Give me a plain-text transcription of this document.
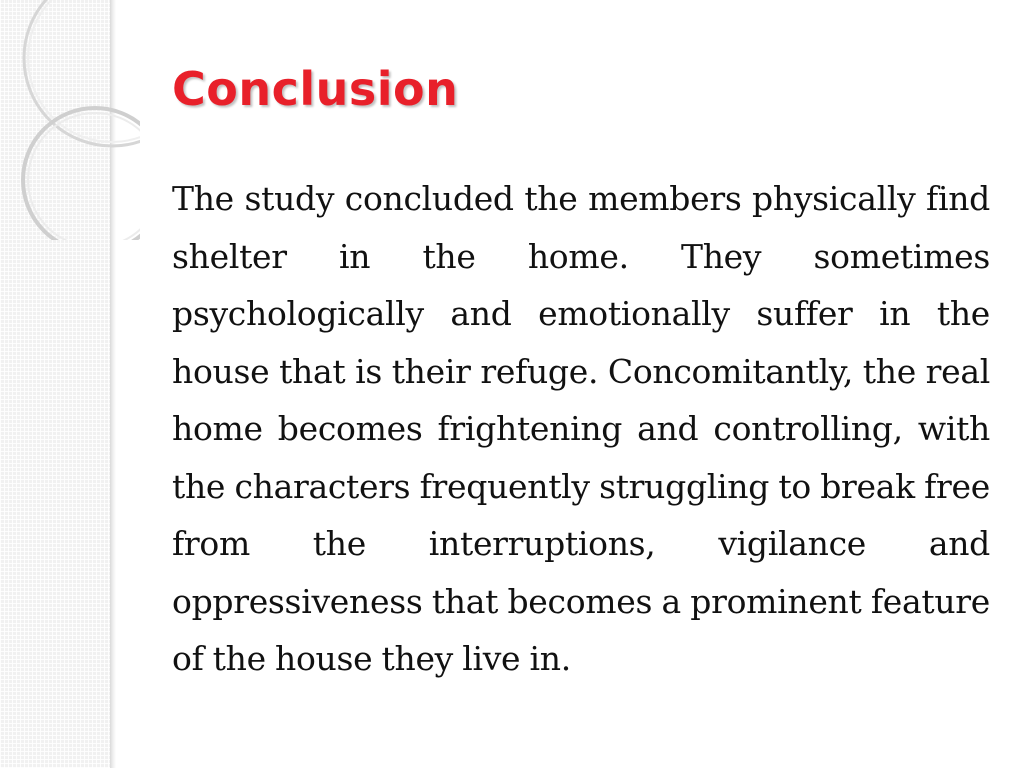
Conclusion

The study concluded the members physically find shelter in the home. They sometimes psychologically and emotionally suffer in the house that is their refuge. Concomitantly, the real home becomes frightening and controlling, with the characters frequently struggling to break free from the interruptions, vigilance and oppressiveness that becomes a prominent feature of the house they live in.
